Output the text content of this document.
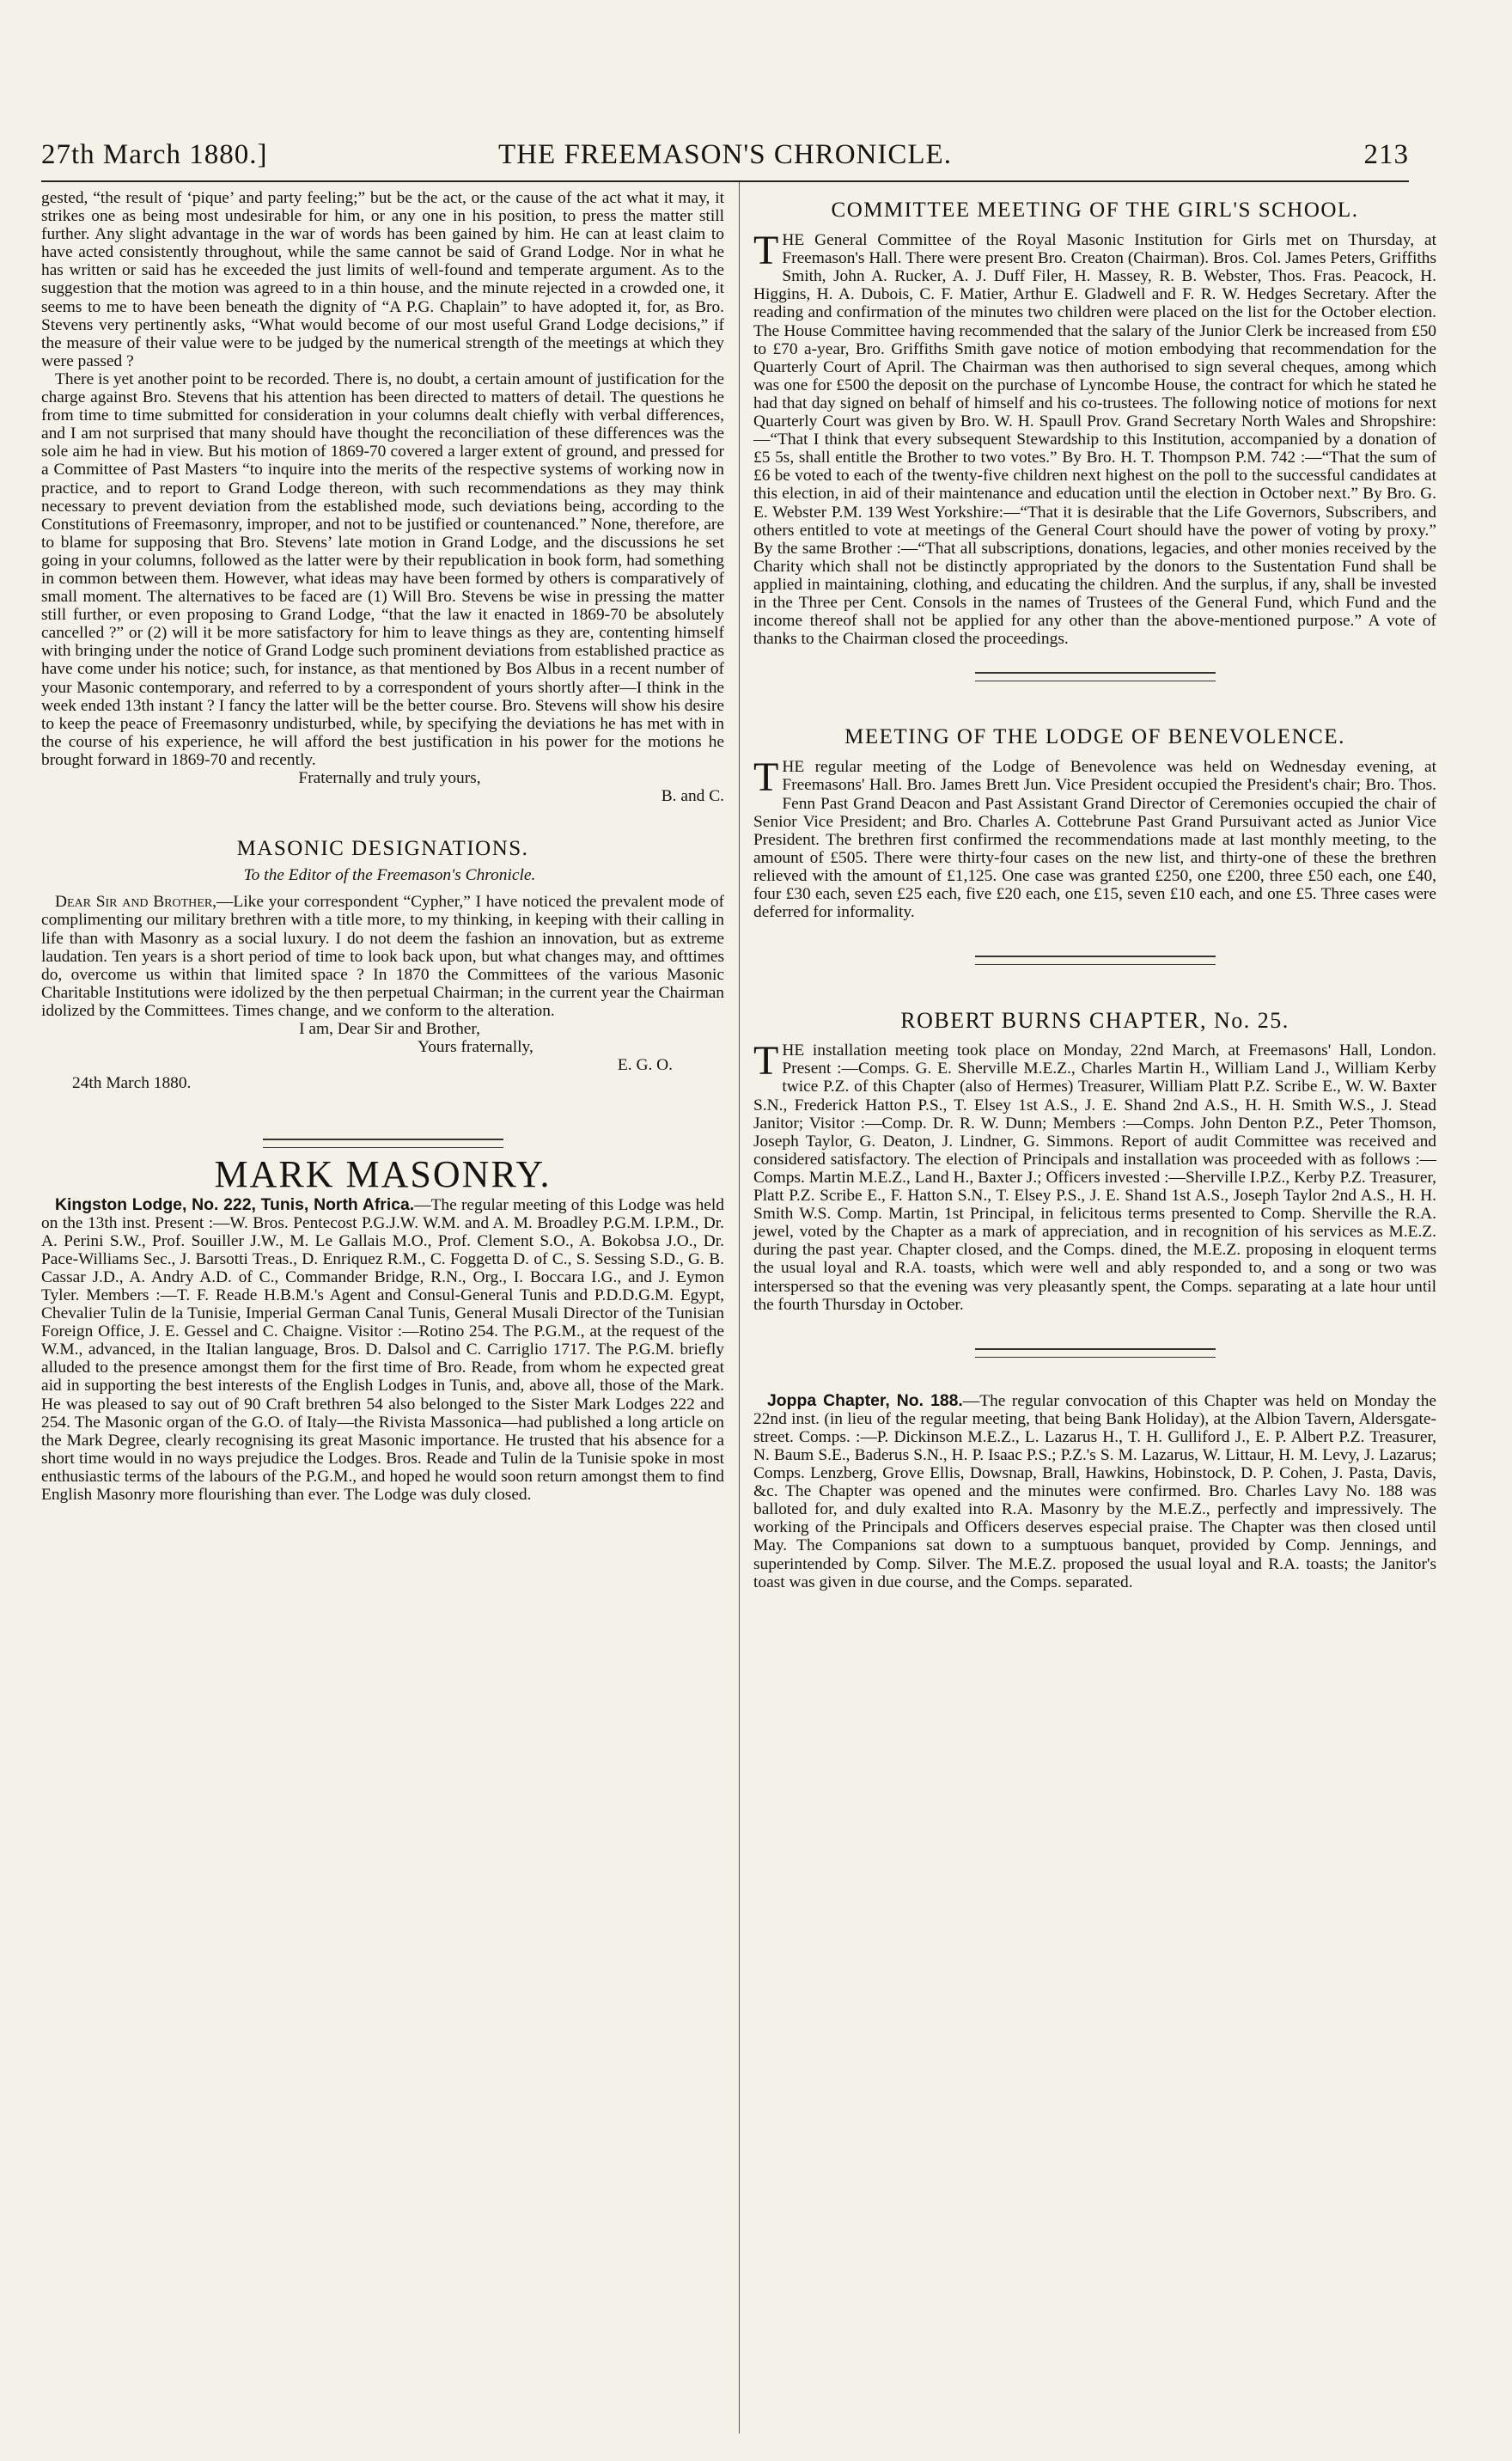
27th March 1880.]	THE FREEMASON'S CHRONICLE.	213

gested, “the result of ‘pique’ and party feeling;” but be the act, or the cause of the act what it may, it strikes one as being most undesirable for him, or any one in his position, to press the matter still further. Any slight advantage in the war of words has been gained by him. He can at least claim to have acted consistently throughout, while the same cannot be said of Grand Lodge. Nor in what he has written or said has he exceeded the just limits of well-found and temperate argument. As to the suggestion that the motion was agreed to in a thin house, and the minute rejected in a crowded one, it seems to me to have been beneath the dignity of “A P.G. Chaplain” to have adopted it, for, as Bro. Stevens very pertinently asks, “What would become of our most useful Grand Lodge decisions,” if the measure of their value were to be judged by the numerical strength of the meetings at which they were passed ?

There is yet another point to be recorded. There is, no doubt, a certain amount of justification for the charge against Bro. Stevens that his attention has been directed to matters of detail. The questions he from time to time submitted for consideration in your columns dealt chiefly with verbal differences, and I am not surprised that many should have thought the reconciliation of these differences was the sole aim he had in view. But his motion of 1869-70 covered a larger extent of ground, and pressed for a Committee of Past Masters “to inquire into the merits of the respective systems of working now in practice, and to report to Grand Lodge thereon, with such recommendations as they may think necessary to prevent deviation from the established mode, such deviations being, according to the Constitutions of Freemasonry, improper, and not to be justified or countenanced.” None, therefore, are to blame for supposing that Bro. Stevens’ late motion in Grand Lodge, and the discussions he set going in your columns, followed as the latter were by their republication in book form, had something in common between them. However, what ideas may have been formed by others is comparatively of small moment. The alternatives to be faced are (1) Will Bro. Stevens be wise in pressing the matter still further, or even proposing to Grand Lodge, “that the law it enacted in 1869-70 be absolutely cancelled ?” or (2) will it be more satisfactory for him to leave things as they are, contenting himself with bringing under the notice of Grand Lodge such prominent deviations from established practice as have come under his notice; such, for instance, as that mentioned by Bos Albus in a recent number of your Masonic contemporary, and referred to by a correspondent of yours shortly after—I think in the week ended 13th instant ? I fancy the latter will be the better course. Bro. Stevens will show his desire to keep the peace of Freemasonry undisturbed, while, by specifying the deviations he has met with in the course of his experience, he will afford the best justification in his power for the motions he brought forward in 1869-70 and recently.

Fraternally and truly yours,

B. and C.

MASONIC DESIGNATIONS.

To the Editor of the Freemason's Chronicle.

Dear Sir and Brother,—Like your correspondent “Cypher,” I have noticed the prevalent mode of complimenting our military brethren with a title more, to my thinking, in keeping with their calling in life than with Masonry as a social luxury. I do not deem the fashion an innovation, but as extreme laudation. Ten years is a short period of time to look back upon, but what changes may, and ofttimes do, overcome us within that limited space ? In 1870 the Committees of the various Masonic Charitable Institutions were idolized by the then perpetual Chairman; in the current year the Chairman idolized by the Committees. Times change, and we conform to the alteration.

I am, Dear Sir and Brother,

Yours fraternally,

E. G. O.

24th March 1880.

MARK MASONRY.

Kingston Lodge, No. 222, Tunis, North Africa.—The regular meeting of this Lodge was held on the 13th inst. Present :—W. Bros. Pentecost P.G.J.W. W.M. and A. M. Broadley P.G.M. I.P.M., Dr. A. Perini S.W., Prof. Souiller J.W., M. Le Gallais M.O., Prof. Clement S.O., A. Bokobsa J.O., Dr. Pace-Williams Sec., J. Barsotti Treas., D. Enriquez R.M., C. Foggetta D. of C., S. Sessing S.D., G. B. Cassar J.D., A. Andry A.D. of C., Commander Bridge, R.N., Org., I. Boccara I.G., and J. Eymon Tyler. Members :—T. F. Reade H.B.M.'s Agent and Consul-General Tunis and P.D.D.G.M. Egypt, Chevalier Tulin de la Tunisie, Imperial German Canal Tunis, General Musali Director of the Tunisian Foreign Office, J. E. Gessel and C. Chaigne. Visitor :—Rotino 254. The P.G.M., at the request of the W.M., advanced, in the Italian language, Bros. D. Dalsol and C. Carriglio 1717. The P.G.M. briefly alluded to the presence amongst them for the first time of Bro. Reade, from whom he expected great aid in supporting the best interests of the English Lodges in Tunis, and, above all, those of the Mark. He was pleased to say out of 90 Craft brethren 54 also belonged to the Sister Mark Lodges 222 and 254. The Masonic organ of the G.O. of Italy—the Rivista Massonica—had published a long article on the Mark Degree, clearly recognising its great Masonic importance. He trusted that his absence for a short time would in no ways prejudice the Lodges. Bros. Reade and Tulin de la Tunisie spoke in most enthusiastic terms of the labours of the P.G.M., and hoped he would soon return amongst them to find English Masonry more flourishing than ever. The Lodge was duly closed.

COMMITTEE MEETING OF THE GIRL'S SCHOOL.

THE General Committee of the Royal Masonic Institution for Girls met on Thursday, at Freemason's Hall. There were present Bro. Creaton (Chairman). Bros. Col. James Peters, Griffiths Smith, John A. Rucker, A. J. Duff Filer, H. Massey, R. B. Webster, Thos. Fras. Peacock, H. Higgins, H. A. Dubois, C. F. Matier, Arthur E. Gladwell and F. R. W. Hedges Secretary. After the reading and confirmation of the minutes two children were placed on the list for the October election. The House Committee having recommended that the salary of the Junior Clerk be increased from £50 to £70 a-year, Bro. Griffiths Smith gave notice of motion embodying that recommendation for the Quarterly Court of April. The Chairman was then authorised to sign several cheques, among which was one for £500 the deposit on the purchase of Lyncombe House, the contract for which he stated he had that day signed on behalf of himself and his co-trustees. The following notice of motions for next Quarterly Court was given by Bro. W. H. Spaull Prov. Grand Secretary North Wales and Shropshire:—“That I think that every subsequent Stewardship to this Institution, accompanied by a donation of £5 5s, shall entitle the Brother to two votes.” By Bro. H. T. Thompson P.M. 742 :—“That the sum of £6 be voted to each of the twenty-five children next highest on the poll to the successful candidates at this election, in aid of their maintenance and education until the election in October next.” By Bro. G. E. Webster P.M. 139 West Yorkshire:—“That it is desirable that the Life Governors, Subscribers, and others entitled to vote at meetings of the General Court should have the power of voting by proxy.” By the same Brother :—“That all subscriptions, donations, legacies, and other monies received by the Charity which shall not be distinctly appropriated by the donors to the Sustentation Fund shall be applied in maintaining, clothing, and educating the children. And the surplus, if any, shall be invested in the Three per Cent. Consols in the names of Trustees of the General Fund, which Fund and the income thereof shall not be applied for any other than the above-mentioned purpose.” A vote of thanks to the Chairman closed the proceedings.

MEETING OF THE LODGE OF BENEVOLENCE.

THE regular meeting of the Lodge of Benevolence was held on Wednesday evening, at Freemasons' Hall. Bro. James Brett Jun. Vice President occupied the President's chair; Bro. Thos. Fenn Past Grand Deacon and Past Assistant Grand Director of Ceremonies occupied the chair of Senior Vice President; and Bro. Charles A. Cottebrune Past Grand Pursuivant acted as Junior Vice President. The brethren first confirmed the recommendations made at last monthly meeting, to the amount of £505. There were thirty-four cases on the new list, and thirty-one of these the brethren relieved with the amount of £1,125. One case was granted £250, one £200, three £50 each, one £40, four £30 each, seven £25 each, five £20 each, one £15, seven £10 each, and one £5. Three cases were deferred for informality.

ROBERT BURNS CHAPTER, No. 25.

THE installation meeting took place on Monday, 22nd March, at Freemasons' Hall, London. Present :—Comps. G. E. Sherville M.E.Z., Charles Martin H., William Land J., William Kerby twice P.Z. of this Chapter (also of Hermes) Treasurer, William Platt P.Z. Scribe E., W. W. Baxter S.N., Frederick Hatton P.S., T. Elsey 1st A.S., J. E. Shand 2nd A.S., H. H. Smith W.S., J. Stead Janitor; Visitor :—Comp. Dr. R. W. Dunn; Members :—Comps. John Denton P.Z., Peter Thomson, Joseph Taylor, G. Deaton, J. Lindner, G. Simmons. Report of audit Committee was received and considered satisfactory. The election of Principals and installation was proceeded with as follows :—Comps. Martin M.E.Z., Land H., Baxter J.; Officers invested :—Sherville I.P.Z., Kerby P.Z. Treasurer, Platt P.Z. Scribe E., F. Hatton S.N., T. Elsey P.S., J. E. Shand 1st A.S., Joseph Taylor 2nd A.S., H. H. Smith W.S. Comp. Martin, 1st Principal, in felicitous terms presented to Comp. Sherville the R.A. jewel, voted by the Chapter as a mark of appreciation, and in recognition of his services as M.E.Z. during the past year. Chapter closed, and the Comps. dined, the M.E.Z. proposing in eloquent terms the usual loyal and R.A. toasts, which were well and ably responded to, and a song or two was interspersed so that the evening was very pleasantly spent, the Comps. separating at a late hour until the fourth Thursday in October.

Joppa Chapter, No. 188.—The regular convocation of this Chapter was held on Monday the 22nd inst. (in lieu of the regular meeting, that being Bank Holiday), at the Albion Tavern, Aldersgate-street. Comps. :—P. Dickinson M.E.Z., L. Lazarus H., T. H. Gulliford J., E. P. Albert P.Z. Treasurer, N. Baum S.E., Baderus S.N., H. P. Isaac P.S.; P.Z.'s S. M. Lazarus, W. Littaur, H. M. Levy, J. Lazarus; Comps. Lenzberg, Grove Ellis, Dowsnap, Brall, Hawkins, Hobinstock, D. P. Cohen, J. Pasta, Davis, &c. The Chapter was opened and the minutes were confirmed. Bro. Charles Lavy No. 188 was balloted for, and duly exalted into R.A. Masonry by the M.E.Z., perfectly and impressively. The working of the Principals and Officers deserves especial praise. The Chapter was then closed until May. The Companions sat down to a sumptuous banquet, provided by Comp. Jennings, and superintended by Comp. Silver. The M.E.Z. proposed the usual loyal and R.A. toasts; the Janitor's toast was given in due course, and the Comps. separated.
